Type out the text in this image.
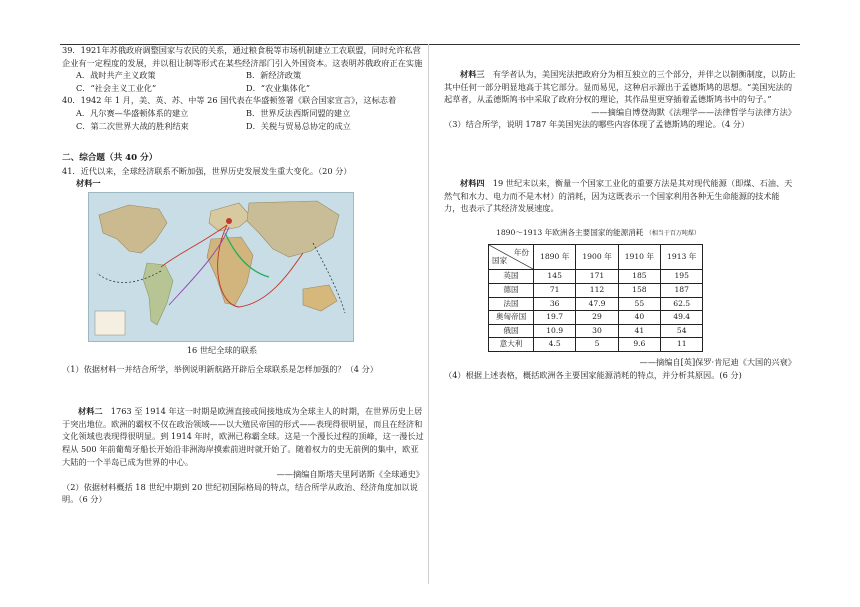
39．1921年苏俄政府调整国家与农民的关系，通过粮食税等市场机制建立工农联盟，同时允许私营企业有一定程度的发展，并以租让制等形式在某些经济部门引入外国资本。这表明苏俄政府正在实施

A．战时共产主义政策	B．新经济政策
C．“社会主义工业化”	D．“农业集体化”

40．1942 年 1 月，美、英、苏、中等 26 国代表在华盛顿签署《联合国家宣言》，这标志着

A．凡尔赛—华盛顿体系的建立	B．世界反法西斯同盟的建立
C．第二次世界大战的胜利结束	D．关税与贸易总协定的成立
二、综合题（共 40 分）

41．近代以来，全球经济联系不断加强，世界历史发展发生重大变化。（20 分）

材料一
16 世纪全球的联系

（1）依据材料一并结合所学，举例说明新航路开辟后全球联系是怎样加强的？（4 分）

材料二　 1763 至 1914 年这一时期是欧洲直接或间接地成为全球主人的时期，在世界历史上居于突出地位。欧洲的霸权不仅在政治领域——以大殖民帝国的形式——表现得很明显，而且在经济和文化领域也表现得很明显。到 1914 年时，欧洲已称霸全球。这是一个漫长过程的顶峰，这一漫长过程从 500 年前葡萄牙船长开始沿非洲海岸摸索前进时就开始了。随着权力的史无前例的集中，欧亚大陆的一个半岛已成为世界的中心。

——摘编自斯塔夫里阿诺斯《全球通史》

（2）依据材料概括 18 世纪中期到 20 世纪初国际格局的特点，结合所学从政治、经济角度加以说明。（6 分）

材料三　 有学者认为，美国宪法把政府分为相互独立的三个部分，并伴之以制衡制度，以防止其中任何一部分明显地高于其它部分。显而易见，这种启示源出于孟德斯鸠的思想。“美国宪法的起草者，从孟德斯鸠书中采取了政府分权的理论，其作品里更穿插着孟德斯鸠书中的句子。”

——摘编自博登海默《法理学——法律哲学与法律方法》

（3）结合所学，说明 1787 年美国宪法的哪些内容体现了孟德斯鸠的理论。（4 分）

材料四　 19 世纪末以来，衡量一个国家工业化的重要方法是其对现代能源（即煤、石油、天然气和水力、电力而不是木材）的消耗，因为这既表示一个国家利用各种无生命能源的技术能力，也表示了其经济发展速度。

1890～1913 年欧洲各主要国家的能源消耗 （相当于百万吨煤）
年份
国家	1890 年	1900 年	1910 年	1913 年
英国	145	171	185	195
德国	71	112	158	187
法国	36	47.9	55	62.5
奥匈帝国	19.7	29	40	49.4
俄国	10.9	30	41	54
意大利	4.5	5	9.6	11

——摘编自[英]保罗·肯尼迪《大国的兴衰》

（4）根据上述表格，概括欧洲各主要国家能源消耗的特点，并分析其原因。(6 分)
